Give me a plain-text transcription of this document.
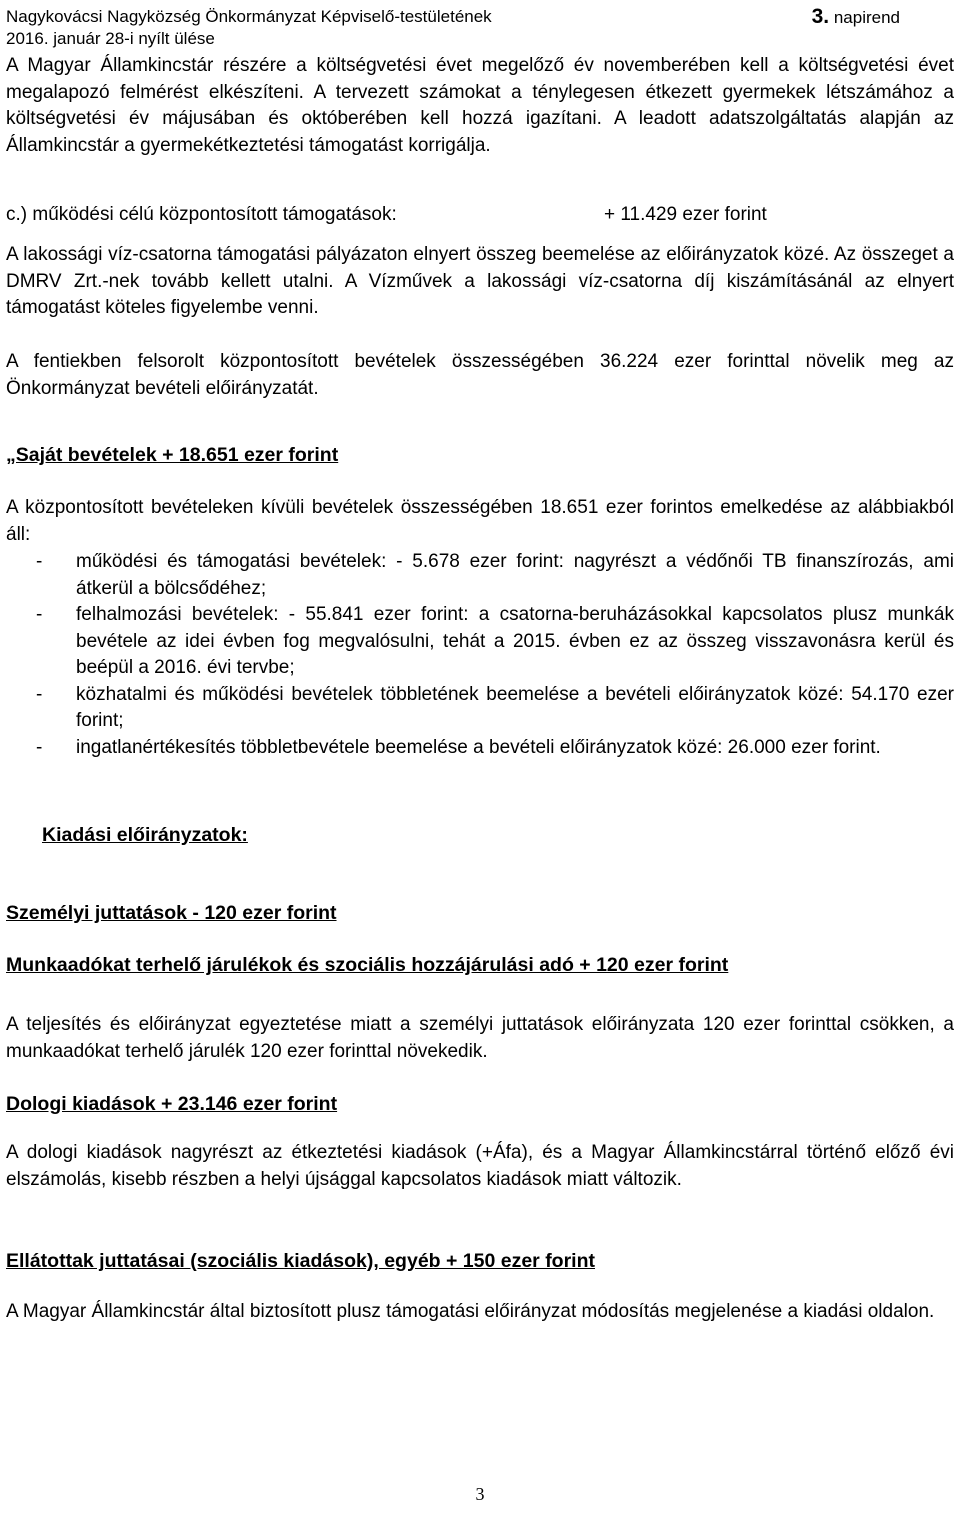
Nagykovácsi Nagyközség Önkormányzat Képviselő-testületének	3. napirend
2016. január 28-i nyílt ülése

A Magyar Államkincstár részére a költségvetési évet megelőző év novemberében kell a költségvetési évet megalapozó felmérést elkészíteni. A tervezett számokat a ténylegesen étkezett gyermekek létszámához a költségvetési év májusában és októberében kell hozzá igazítani. A leadott adatszolgáltatás alapján az Államkincstár a gyermekétkeztetési támogatást korrigálja.

c.) működési célú központosított támogatások:	+ 11.429 ezer forint

A lakossági víz-csatorna támogatási pályázaton elnyert összeg beemelése az előirányzatok közé. Az összeget a DMRV Zrt.-nek tovább kellett utalni. A Vízművek a lakossági víz-csatorna díj kiszámításánál az elnyert támogatást köteles figyelembe venni.

A fentiekben felsorolt központosított bevételek összességében 36.224 ezer forinttal növelik meg az Önkormányzat bevételi előirányzatát.

„Saját bevételek + 18.651 ezer forint

A központosított bevételeken kívüli bevételek összességében 18.651 ezer forintos emelkedése az alábbiakból áll:

- működési és támogatási bevételek: - 5.678 ezer forint: nagyrészt a védőnői TB finanszírozás, ami átkerül a bölcsődéhez;
- felhalmozási bevételek: - 55.841 ezer forint: a csatorna-beruházásokkal kapcsolatos plusz munkák bevétele az idei évben fog megvalósulni, tehát a 2015. évben ez az összeg visszavonásra kerül és beépül a 2016. évi tervbe;
- közhatalmi és működési bevételek többletének beemelése a bevételi előirányzatok közé: 54.170 ezer forint;
- ingatlanértékesítés többletbevétele beemelése a bevételi előirányzatok közé: 26.000 ezer forint.

Kiadási előirányzatok:

Személyi juttatások - 120 ezer forint

Munkaadókat terhelő járulékok és szociális hozzájárulási adó + 120 ezer forint

A teljesítés és előirányzat egyeztetése miatt a személyi juttatások előirányzata 120 ezer forinttal csökken, a munkaadókat terhelő járulék 120 ezer forinttal növekedik.

Dologi kiadások + 23.146 ezer forint

A dologi kiadások nagyrészt az étkeztetési kiadások (+Áfa), és a Magyar Államkincstárral történő előző évi elszámolás, kisebb részben a helyi újsággal kapcsolatos kiadások miatt változik.

Ellátottak juttatásai (szociális kiadások), egyéb + 150 ezer forint

A Magyar Államkincstár által biztosított plusz támogatási előirányzat módosítás megjelenése a kiadási oldalon.

3
